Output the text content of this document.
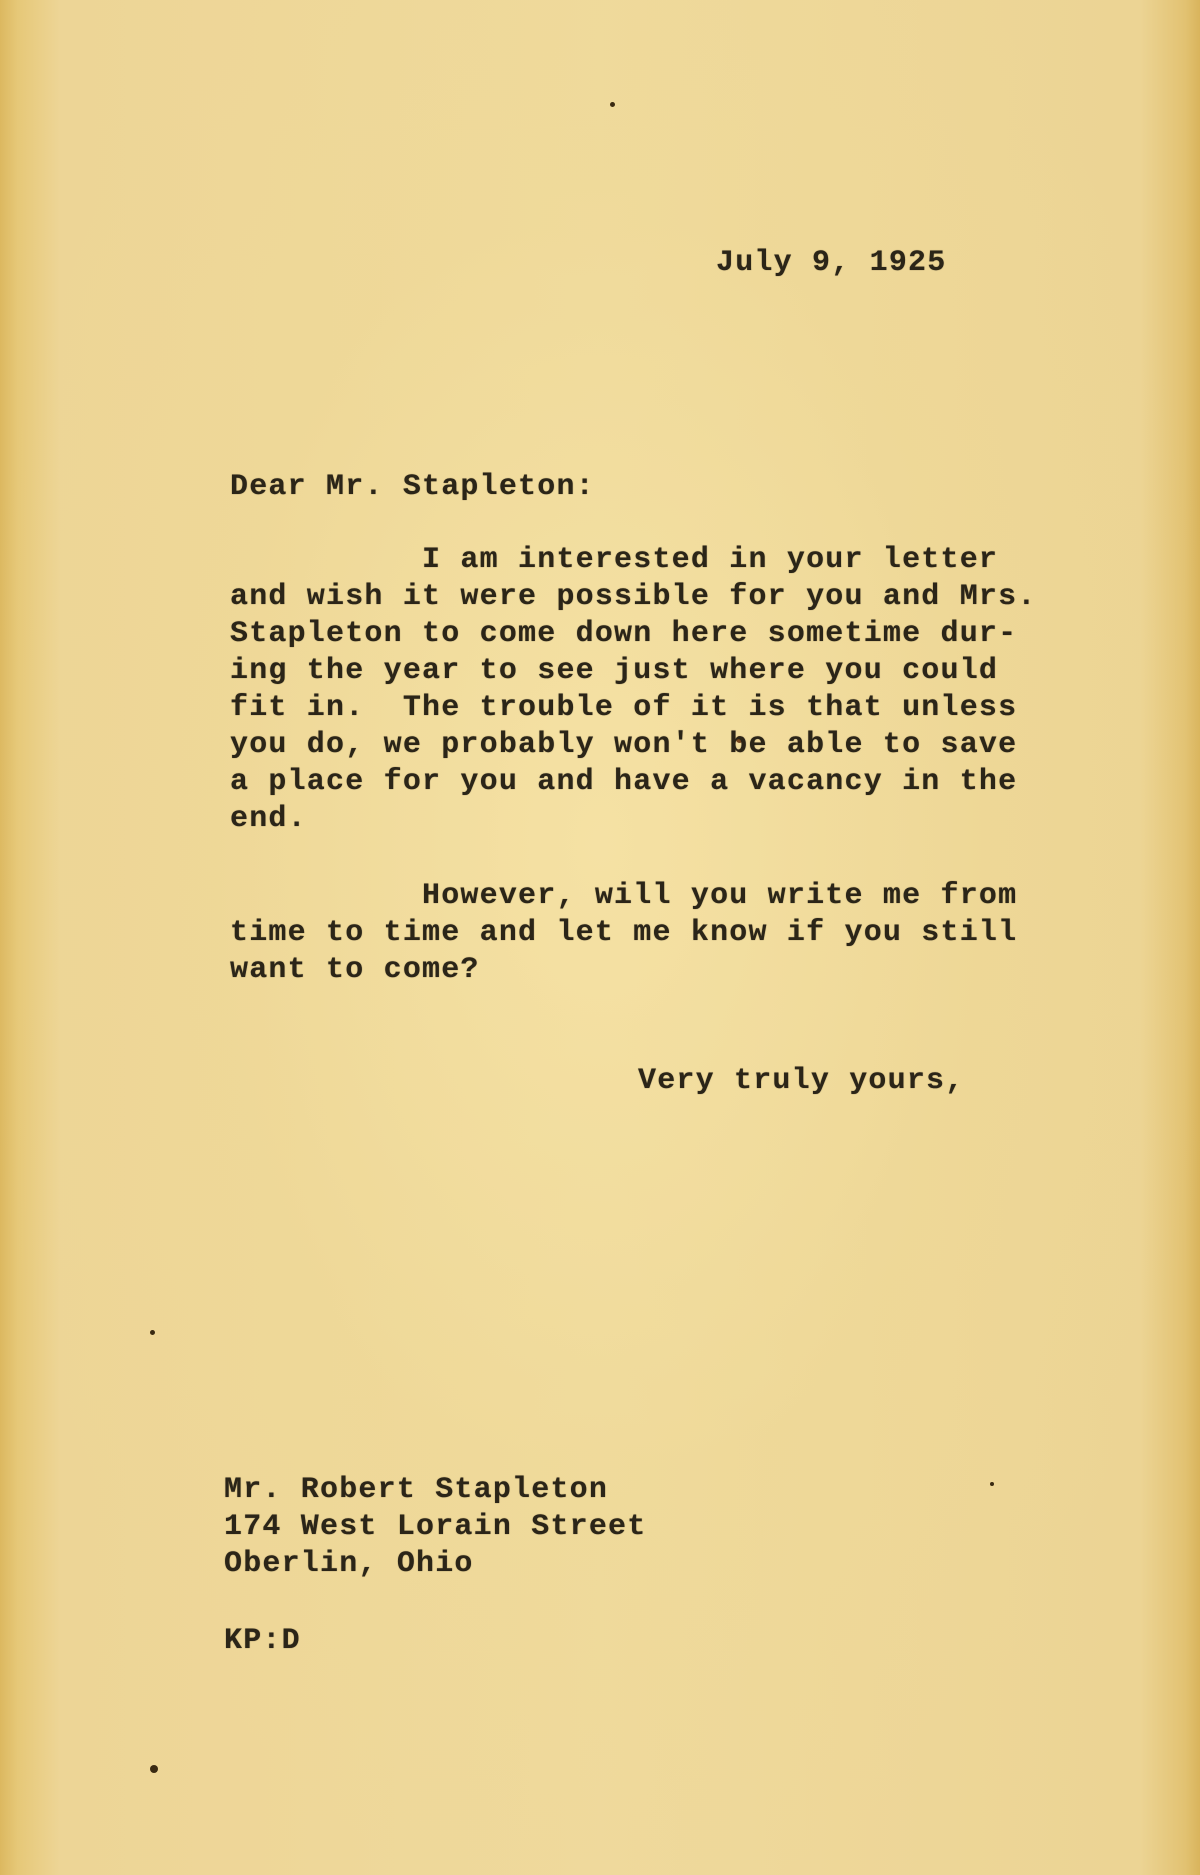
July 9, 1925

Dear Mr. Stapleton:

I am interested in your letter
and wish it were possible for you and Mrs.
Stapleton to come down here sometime dur-
ing the year to see just where you could
fit in.  The trouble of it is that unless
you do, we probably won't be able to save
a place for you and have a vacancy in the
end.
However, will you write me from
time to time and let me know if you still
want to come?

Very truly yours,

Mr. Robert Stapleton
174 West Lorain Street
Oberlin, Ohio

KP:D
